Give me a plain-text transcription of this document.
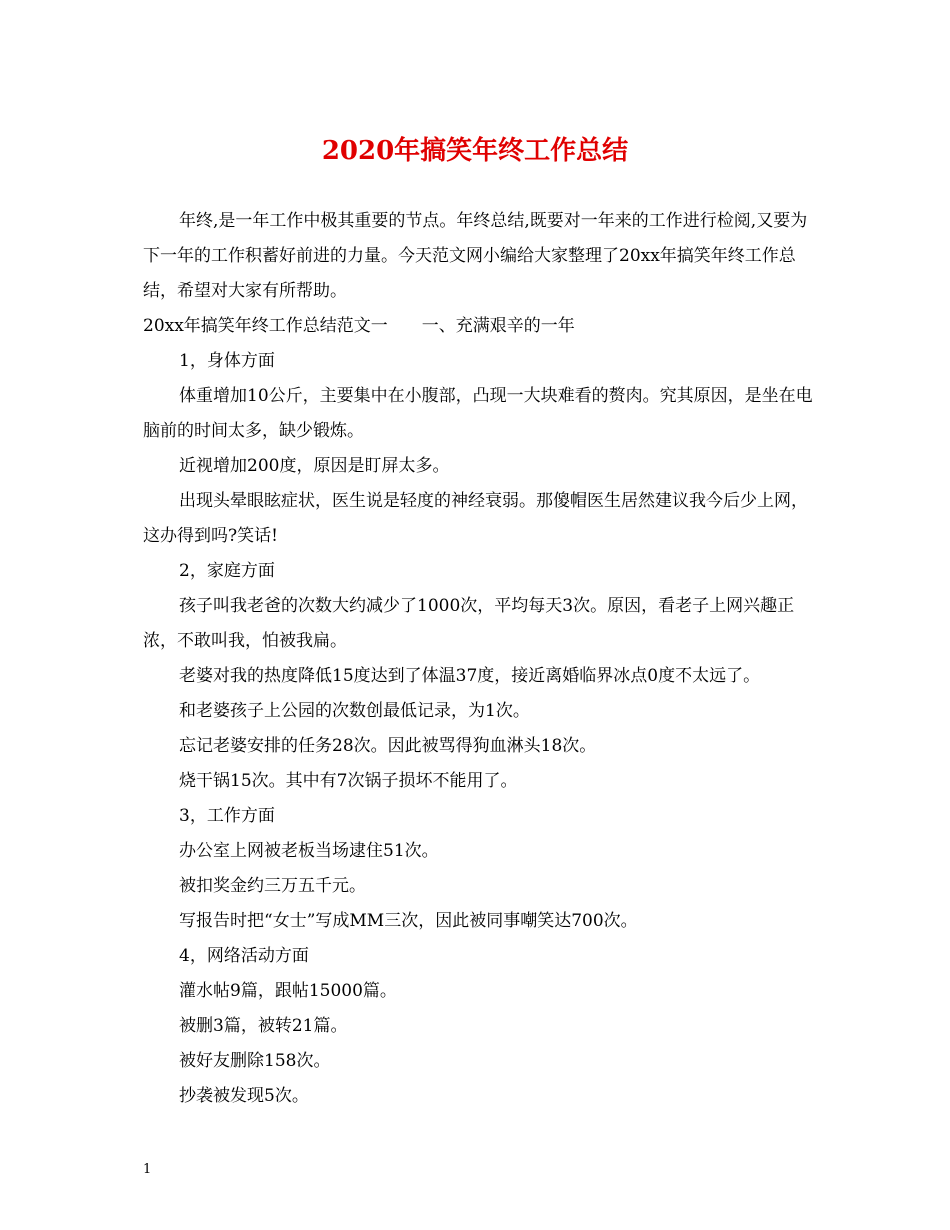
2020年搞笑年终工作总结

年终,是一年工作中极其重要的节点。年终总结,既要对一年来的工作进行检阅,又要为下一年的工作积蓄好前进的力量。今天范文网小编给大家整理了20xx年搞笑年终工作总结，希望对大家有所帮助。

20xx年搞笑年终工作总结范文一　　一、充满艰辛的一年

1，身体方面

体重增加10公斤，主要集中在小腹部，凸现一大块难看的赘肉。究其原因，是坐在电脑前的时间太多，缺少锻炼。

近视增加200度，原因是盯屏太多。

出现头晕眼眩症状，医生说是轻度的神经衰弱。那傻帽医生居然建议我今后少上网，这办得到吗?笑话!

2，家庭方面

孩子叫我老爸的次数大约减少了1000次，平均每天3次。原因，看老子上网兴趣正浓，不敢叫我，怕被我扁。

老婆对我的热度降低15度达到了体温37度，接近离婚临界冰点0度不太远了。

和老婆孩子上公园的次数创最低记录，为1次。

忘记老婆安排的任务28次。因此被骂得狗血淋头18次。

烧干锅15次。其中有7次锅子损坏不能用了。

3，工作方面

办公室上网被老板当场逮住51次。

被扣奖金约三万五千元。

写报告时把“女士”写成MM三次，因此被同事嘲笑达700次。

4，网络活动方面

灌水帖9篇，跟帖15000篇。

被删3篇，被转21篇。

被好友删除158次。

抄袭被发现5次。

1
